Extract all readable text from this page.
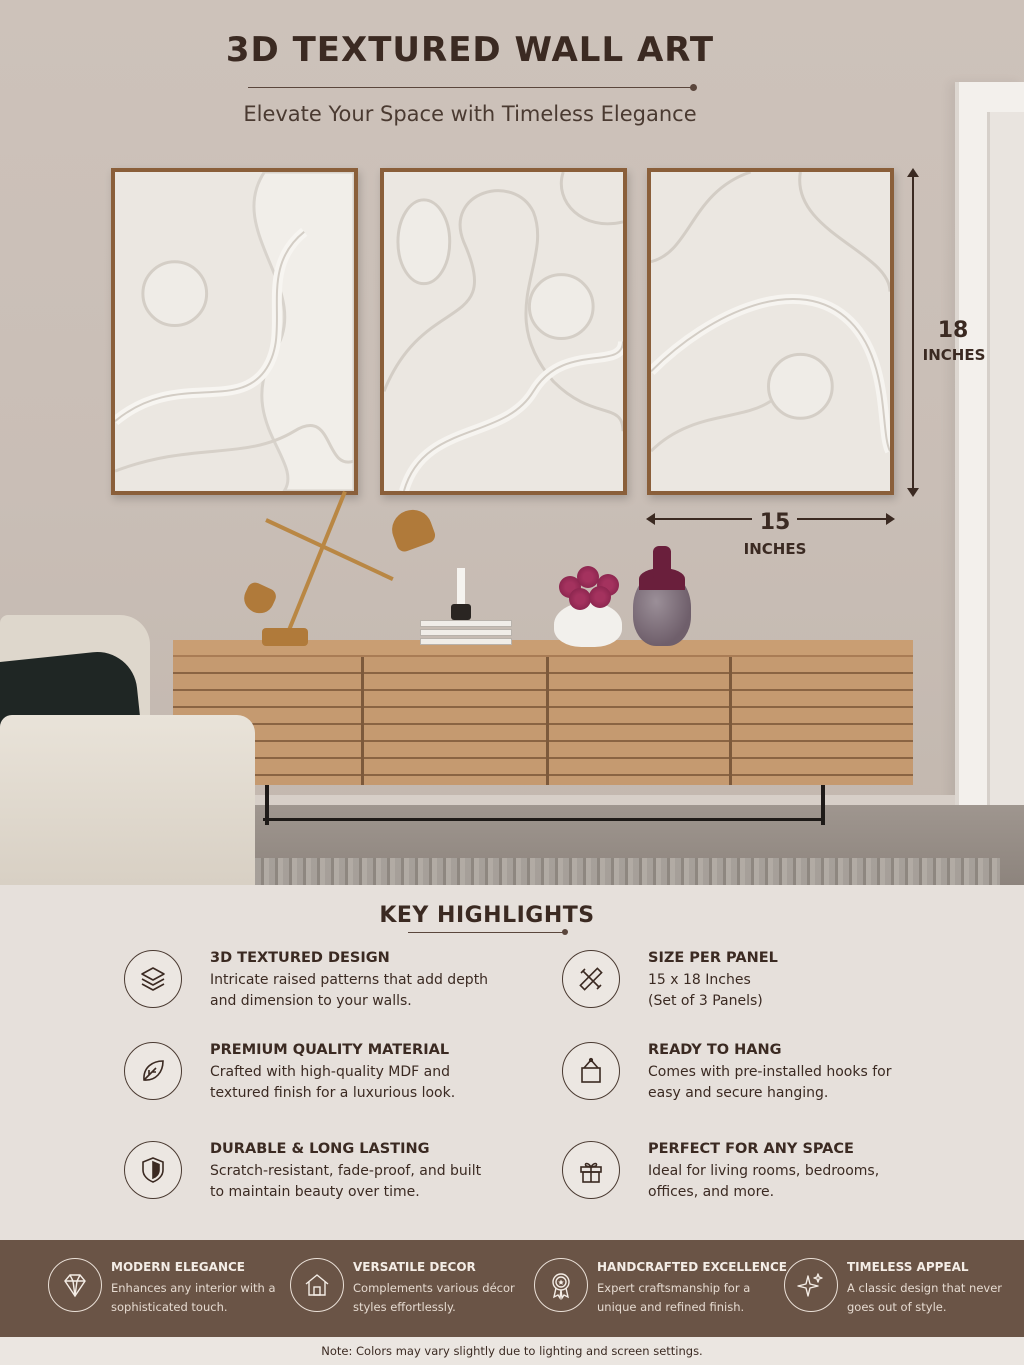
3D TEXTURED WALL ART
Elevate Your Space with Timeless Elegance
18
INCHES
15
INCHES
KEY HIGHLIGHTS
3D TEXTURED DESIGN
Intricate raised patterns that add depth and dimension to your walls.
SIZE PER PANEL
15 x 18 Inches
(Set of 3 Panels)
PREMIUM QUALITY MATERIAL
Crafted with high-quality MDF and textured finish for a luxurious look.
READY TO HANG
Comes with pre-installed hooks for easy and secure hanging.
DURABLE & LONG LASTING
Scratch-resistant, fade-proof, and built to maintain beauty over time.
PERFECT FOR ANY SPACE
Ideal for living rooms, bedrooms, offices, and more.
MODERN ELEGANCE
Enhances any interior with a sophisticated touch.
VERSATILE DECOR
Complements various décor styles effortlessly.
HANDCRAFTED EXCELLENCE
Expert craftsmanship for a unique and refined finish.
TIMELESS APPEAL
A classic design that never goes out of style.
Note: Colors may vary slightly due to lighting and screen settings.
